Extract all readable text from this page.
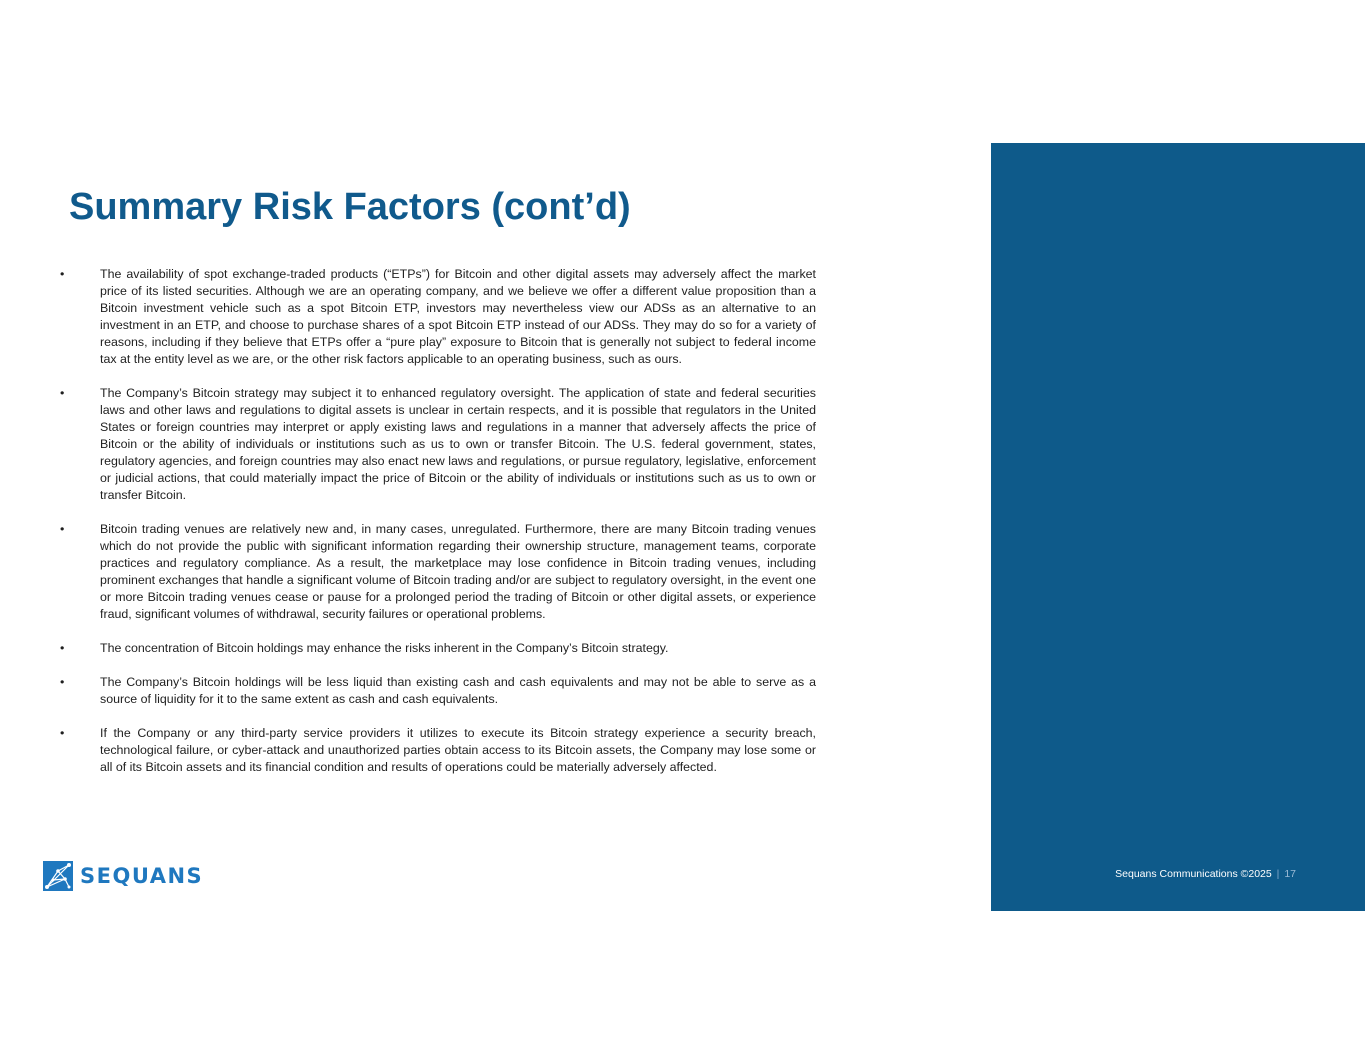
Summary Risk Factors (cont’d)
•	The availability of spot exchange-traded products (“ETPs”) for Bitcoin and other digital assets may adversely affect the market price of its listed securities. Although we are an operating company, and we believe we offer a different value proposition than a Bitcoin investment vehicle such as a spot Bitcoin ETP, investors may nevertheless view our ADSs as an alternative to an investment in an ETP, and choose to purchase shares of a spot Bitcoin ETP instead of our ADSs. They may do so for a variety of reasons, including if they believe that ETPs offer a “pure play” exposure to Bitcoin that is generally not subject to federal income tax at the entity level as we are, or the other risk factors applicable to an operating business, such as ours.
•	The Company’s Bitcoin strategy may subject it to enhanced regulatory oversight. The application of state and federal securities laws and other laws and regulations to digital assets is unclear in certain respects, and it is possible that regulators in the United States or foreign countries may interpret or apply existing laws and regulations in a manner that adversely affects the price of Bitcoin or the ability of individuals or institutions such as us to own or transfer Bitcoin. The U.S. federal government, states, regulatory agencies, and foreign countries may also enact new laws and regulations, or pursue regulatory, legislative, enforcement or judicial actions, that could materially impact the price of Bitcoin or the ability of individuals or institutions such as us to own or transfer Bitcoin.
•	Bitcoin trading venues are relatively new and, in many cases, unregulated. Furthermore, there are many Bitcoin trading venues which do not provide the public with significant information regarding their ownership structure, management teams, corporate practices and regulatory compliance. As a result, the marketplace may lose confidence in Bitcoin trading venues, including prominent exchanges that handle a significant volume of Bitcoin trading and/or are subject to regulatory oversight, in the event one or more Bitcoin trading venues cease or pause for a prolonged period the trading of Bitcoin or other digital assets, or experience fraud, significant volumes of withdrawal, security failures or operational problems.
•	The concentration of Bitcoin holdings may enhance the risks inherent in the Company’s Bitcoin strategy.
•	The Company’s Bitcoin holdings will be less liquid than existing cash and cash equivalents and may not be able to serve as a source of liquidity for it to the same extent as cash and cash equivalents.
•	If the Company or any third-party service providers it utilizes to execute its Bitcoin strategy experience a security breach, technological failure, or cyber-attack and unauthorized parties obtain access to its Bitcoin assets, the Company may lose some or all of its Bitcoin assets and its financial condition and results of operations could be materially adversely affected.
SEQUANS	Sequans Communications ©2025 | 17
